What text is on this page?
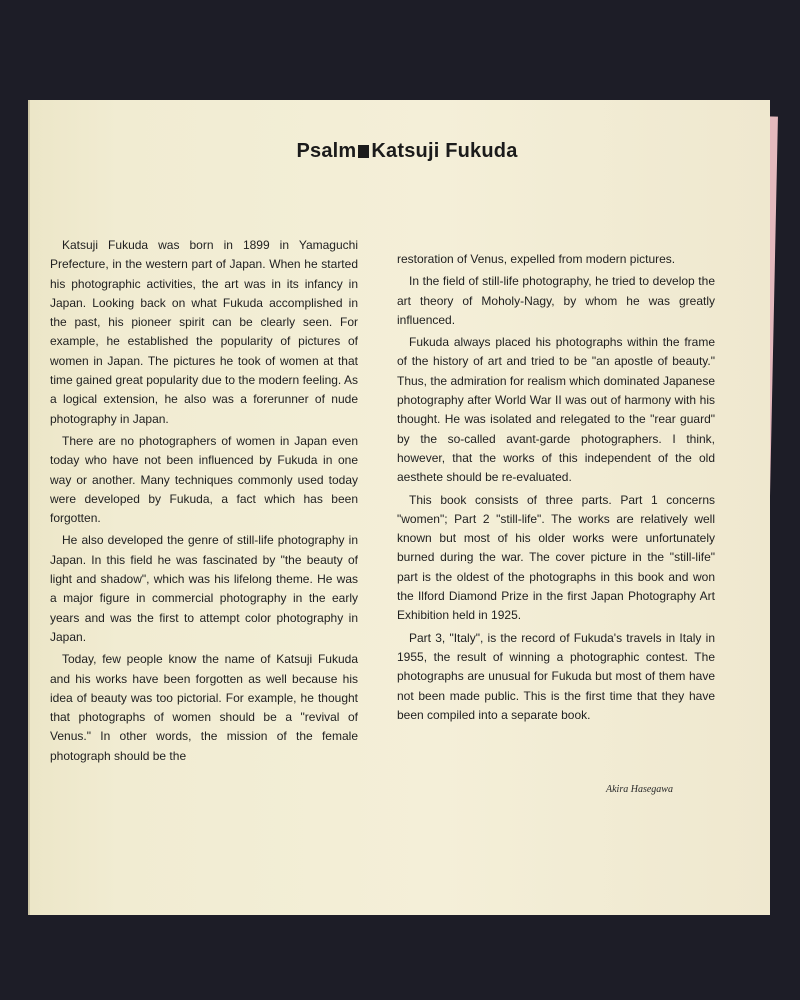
Psalm Katsuji Fukuda

Katsuji Fukuda was born in 1899 in Yamaguchi Prefecture, in the western part of Japan. When he started his photographic activities, the art was in its infancy in Japan. Looking back on what Fukuda accomplished in the past, his pioneer spirit can be clearly seen. For example, he established the popularity of pictures of women in Japan. The pictures he took of women at that time gained great popularity due to the modern feeling. As a logical extension, he also was a forerunner of nude photography in Japan.

There are no photographers of women in Japan even today who have not been influenced by Fukuda in one way or another. Many techniques commonly used today were developed by Fukuda, a fact which has been forgotten.

He also developed the genre of still-life photography in Japan. In this field he was fascinated by "the beauty of light and shadow", which was his lifelong theme. He was a major figure in commercial photography in the early years and was the first to attempt color photography in Japan.

Today, few people know the name of Katsuji Fukuda and his works have been forgotten as well because his idea of beauty was too pictorial. For example, he thought that photographs of women should be a "revival of Venus." In other words, the mission of the female photograph should be the

restoration of Venus, expelled from modern pictures.

In the field of still-life photography, he tried to develop the art theory of Moholy-Nagy, by whom he was greatly influenced.

Fukuda always placed his photographs within the frame of the history of art and tried to be "an apostle of beauty." Thus, the admiration for realism which dominated Japanese photography after World War II was out of harmony with his thought. He was isolated and relegated to the "rear guard" by the so-called avant-garde photographers. I think, however, that the works of this independent of the old aesthete should be re-evaluated.

This book consists of three parts. Part 1 concerns "women"; Part 2 "still-life". The works are relatively well known but most of his older works were unfortunately burned during the war. The cover picture in the "still-life" part is the oldest of the photographs in this book and won the Ilford Diamond Prize in the first Japan Photography Art Exhibition held in 1925.

Part 3, "Italy", is the record of Fukuda's travels in Italy in 1955, the result of winning a photographic contest. The photographs are unusual for Fukuda but most of them have not been made public. This is the first time that they have been compiled into a separate book.

Akira Hasegawa
